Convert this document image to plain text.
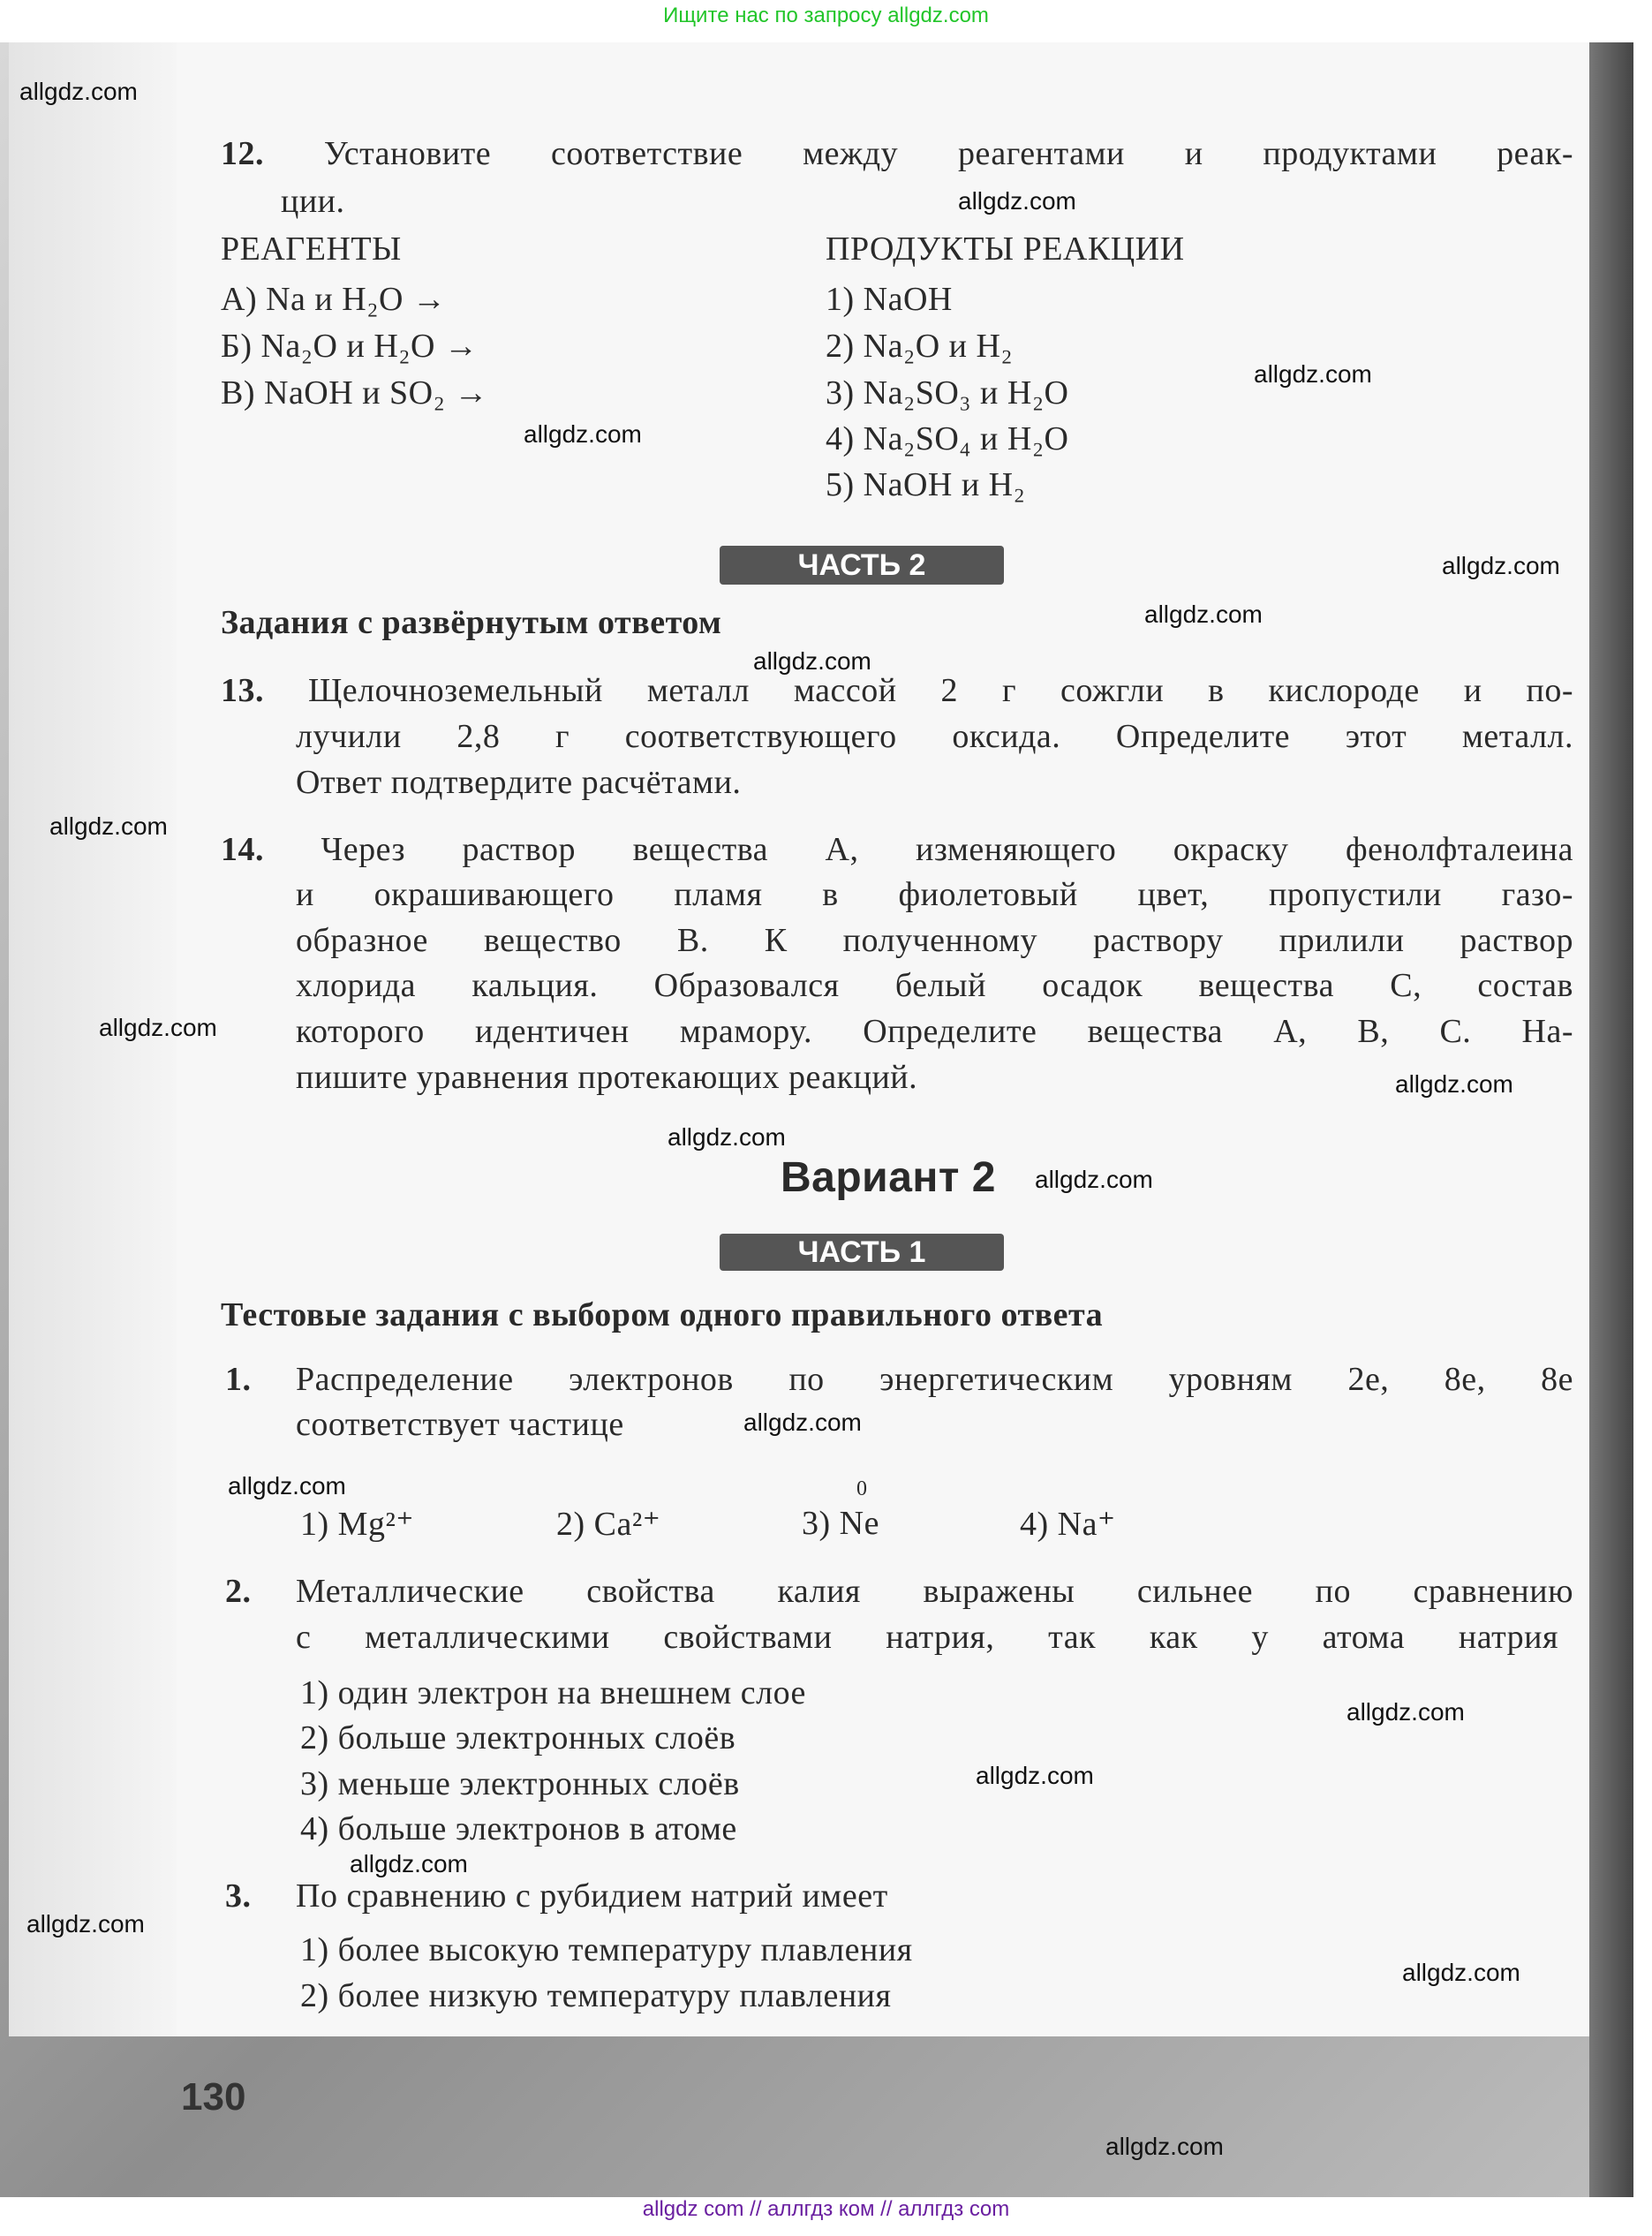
Ищите нас по запросу allgdz.com
12. Установите соответствие между реагентами и продуктами реак-
ции.
РЕАГЕНТЫ	ПРОДУКТЫ РЕАКЦИИ
А) Na и H₂O →
Б) Na₂O и H₂O →
В) NaOH и SO₂ →
1) NaOH
2) Na₂O и H₂
3) Na₂SO₃ и H₂O
4) Na₂SO₄ и H₂O
5) NaOH и H₂
ЧАСТЬ 2
Задания с развёрнутым ответом
13. Щелочноземельный металл массой 2 г сожгли в кислороде и по-
лучили 2,8 г соответствующего оксида. Определите этот металл.
Ответ подтвердите расчётами.
14. Через раствор вещества А, изменяющего окраску фенолфталеина
и окрашивающего пламя в фиолетовый цвет, пропустили газо-
образное вещество В. К полученному раствору прилили раствор
хлорида кальция. Образовался белый осадок вещества С, состав
которого идентичен мрамору. Определите вещества А, В, С. На-
пишите уравнения протекающих реакций.
Вариант 2
ЧАСТЬ 1
Тестовые задания с выбором одного правильного ответа
1. Распределение электронов по энергетическим уровням 2e, 8e, 8e
соответствует частице
1) Mg²⁺	2) Ca²⁺
0
3) Ne	4) Na⁺
2. Металлические свойства калия выражены сильнее по сравнению
с металлическими свойствами натрия, так как у атома натрия
1) один электрон на внешнем слое
2) больше электронных слоёв
3) меньше электронных слоёв
4) больше электронов в атоме
3. По сравнению с рубидием натрий имеет
1) более высокую температуру плавления
2) более низкую температуру плавления
130
allgdz.com
allgdz.com
allgdz.com
allgdz.com
allgdz.com
allgdz.com
allgdz.com
allgdz.com
allgdz.com
allgdz.com
allgdz.com
allgdz.com
allgdz.com
allgdz.com
allgdz.com
allgdz.com
allgdz.com
allgdz.com
allgdz.com
allgdz.com
allgdz com // аллгдз ком // аллгдз com
